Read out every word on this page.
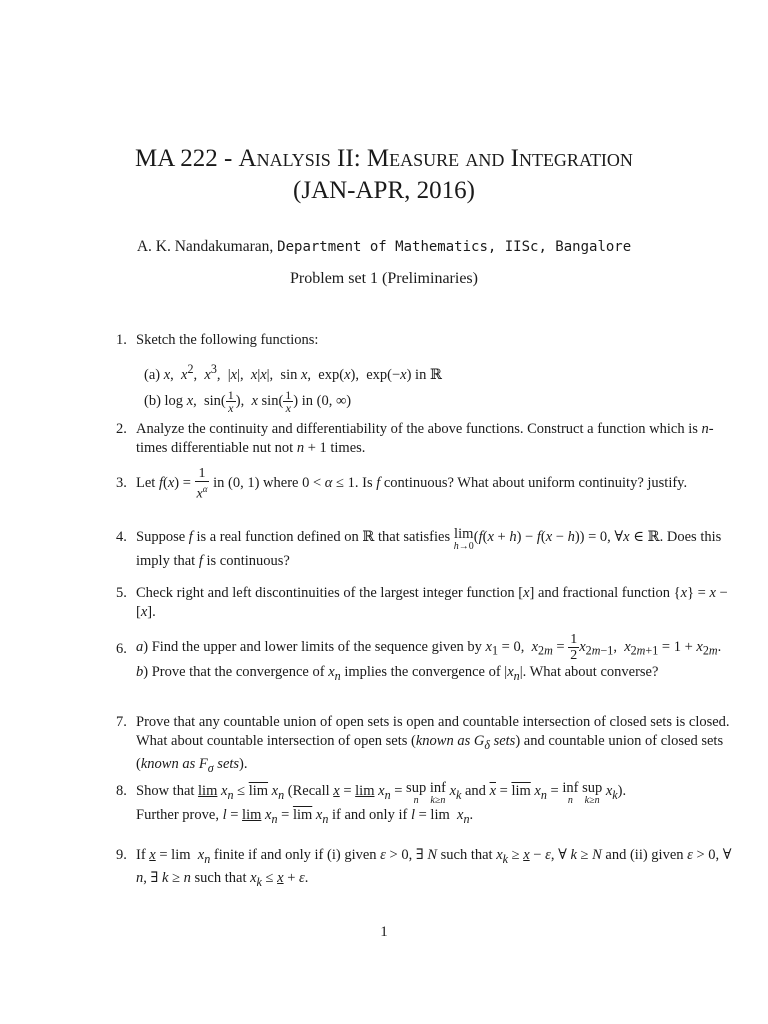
MA 222 - Analysis II: Measure and Integration
(JAN-APR, 2016)
A. K. Nandakumaran, Department of Mathematics, IISc, Bangalore
Problem set 1 (Preliminaries)
1. Sketch the following functions:
(a) x,  $x^2$,  $x^3$,  |x|,  x|x|,  sin x,  exp(x),  exp(−x) in ℝ
(b) log x,  $\sin( \frac{1}{x}$ ),  x $\sin( \frac{1}{x}$ ) in (0, ∞)
2. Analyze the continuity and differentiability of the above functions. Construct a function which is n-times differentiable nut not n + 1 times.
3. Let $f(x) = \frac{1}{x^\alpha}$ in (0, 1) where 0 < α ≤ 1. Is f continuous? What about uniform continuity? justify.
4. Suppose f is a real function defined on ℝ that satisfies lim
h→0
(f(x + h) − f(x − h)) = 0, ∀x ∈ ℝ. Does this imply that f is continuous?
5. Check right and left discontinuities of the largest integer function [x] and fractional function {x} = x − [x].
6. a) Find the upper and lower limits of the sequence given by $x_1 = 0$,  $x_{2m} = \frac{1}{2} x_{2m-1}$,  $x_{2m+1} = 1 + x_{2m}$.
b) Prove that the convergence of $x_n$ implies the convergence of $|x_n|$. What about converse?
7. Prove that any countable union of open sets is open and countable intersection of closed sets is closed. What about countable intersection of open sets (known as $G_\delta$ sets) and countable union of closed sets (known as $F_\sigma$ sets).
8. Show that $\lim x_n \le \overline{lim}$ $x_n$ (Recall $x = \lim x_n$ = sup
n
inf
k≥n
$x_k$ and $\overline{x} = \overline{lim}$ $x_n$ = inf
n
sup
k≥n
$x_k$).
Further prove, $l = \lim x_n = \overline{lim}$ $x_n$ if and only if $l = \lim x_n$.
9. If $x = \lim x_n$ finite if and only if (i) given ε > 0, ∃ N such that $x_k \ge x - \varepsilon$, ∀ k ≥ N and (ii) given ε > 0, ∀ n, ∃ k ≥ n such that $x_k \le x + \varepsilon$.
1
